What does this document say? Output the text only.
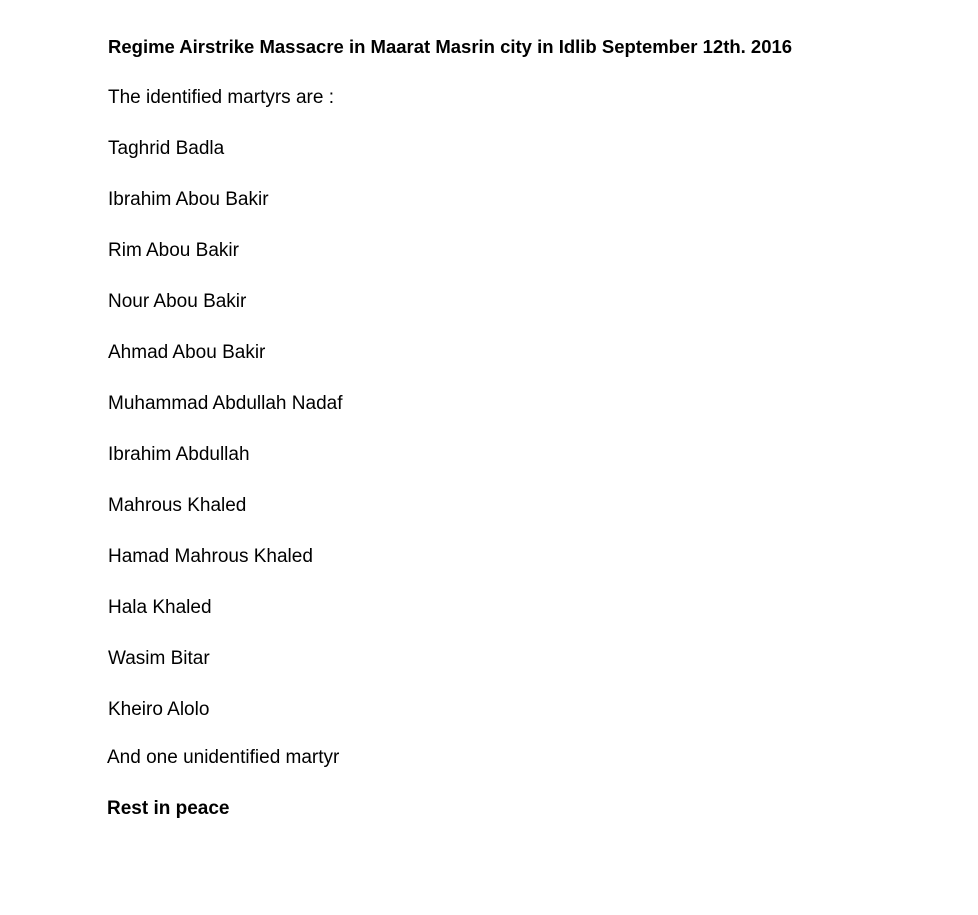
Regime Airstrike Massacre in Maarat Masrin city in Idlib September 12th. 2016
The identified martyrs are :
Taghrid Badla
Ibrahim Abou Bakir
Rim Abou Bakir
Nour Abou Bakir
Ahmad Abou Bakir
Muhammad Abdullah Nadaf
Ibrahim Abdullah
Mahrous Khaled
Hamad Mahrous Khaled
Hala Khaled
Wasim Bitar
Kheiro Alolo
And one unidentified martyr
Rest in peace
